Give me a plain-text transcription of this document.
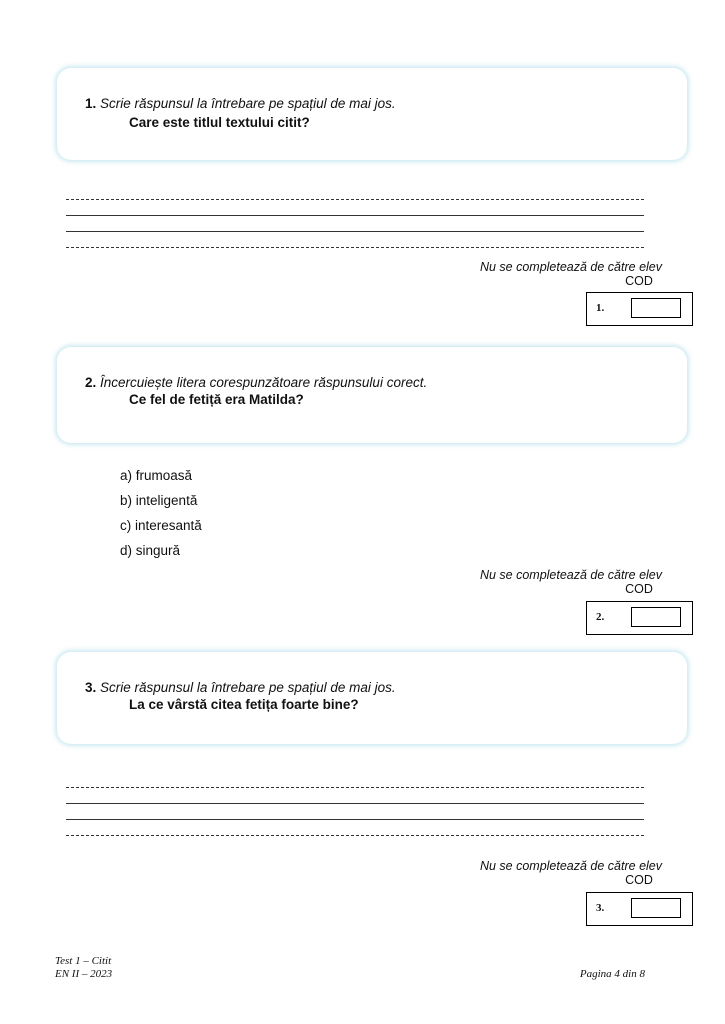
1. Scrie răspunsul la întrebare pe spațiul de mai jos.
Care este titlul textului citit?
Nu se completează de către elev
COD
1.
2. Încercuiește litera corespunzătoare răspunsului corect.
Ce fel de fetiță era Matilda?
a) frumoasă
b) inteligentă
c) interesantă
d) singură
Nu se completează de către elev
COD
2.
3. Scrie răspunsul la întrebare pe spațiul de mai jos.
La ce vârstă citea fetița foarte bine?
Nu se completează de către elev
COD
3.
Test 1 – Citit
EN II – 2023	Pagina 4 din 8
